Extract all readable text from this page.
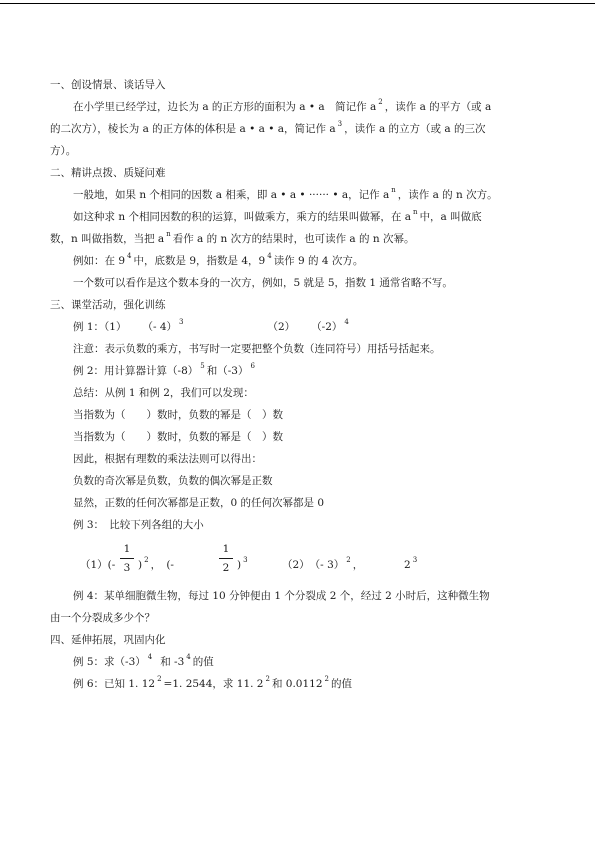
一、创设情景、谈话导入
在小学里已经学过，边长为 a 的正方形的面积为 a • a　简记作 a $^2$ ，读作 a 的平方（或 a
的二次方），棱长为 a 的正方体的体积是 a • a • a，简记作 a $^3$ ，读作 a 的立方（或 a 的三次
方）。
二、精讲点拨、质疑问难
一般地，如果 n 个相同的因数 a 相乘，即 a • a • ······ • a，记作 a $^n$ ，读作 a 的 n 次方。
如这种求 n 个相同因数的积的运算，叫做乘方，乘方的结果叫做幂，在 a $^n$ 中，a 叫做底
数，n 叫做指数，当把 a $^n$ 看作 a 的 n 次方的结果时，也可读作 a 的 n 次幂。
例如：在 9 $^4$ 中，底数是 9，指数是 4，9 $^4$ 读作 9 的 4 次方。
一个数可以看作是这个数本身的一次方，例如，5 就是 5，指数 1 通常省略不写。
三、课堂活动，强化训练
例 1：（1） （- 4） $^3$	（2） （-2） $^4$
注意：表示负数的乘方，书写时一定要把整个负数（连同符号）用括号括起来。
例 2：用计算器计算（-8） $^5$ 和（-3） $^6$
总结：从例 1 和例 2，我们可以发现：
当指数为（　　）数时，负数的幂是（　）数
当指数为（　　）数时，负数的幂是（　）数
因此，根据有理数的乘法法则可以得出：
负数的奇次幂是负数，负数的偶次幂是正数
显然，正数的任何次幂都是正数，0 的任何次幂都是 0
例 3：　比较下列各组的大小
（1）(-
1
3 ) $^2$ ，　(-
1
2 ) $^3$	（2）　（- 3） $^2$ ，	2 $^3$
例 4：某单细胞微生物，每过 10 分钟便由 1 个分裂成 2 个，经过 2 小时后，这种微生物
由一个分裂成多少个？
四、延伸拓展，巩固内化
例 5：求（-3） $^4$ 和 -3 $^4$ 的值
例 6：已知 1. 12 $^2$ =1. 2544，求 11. 2 $^2$ 和 0.0112 $^2$ 的值
